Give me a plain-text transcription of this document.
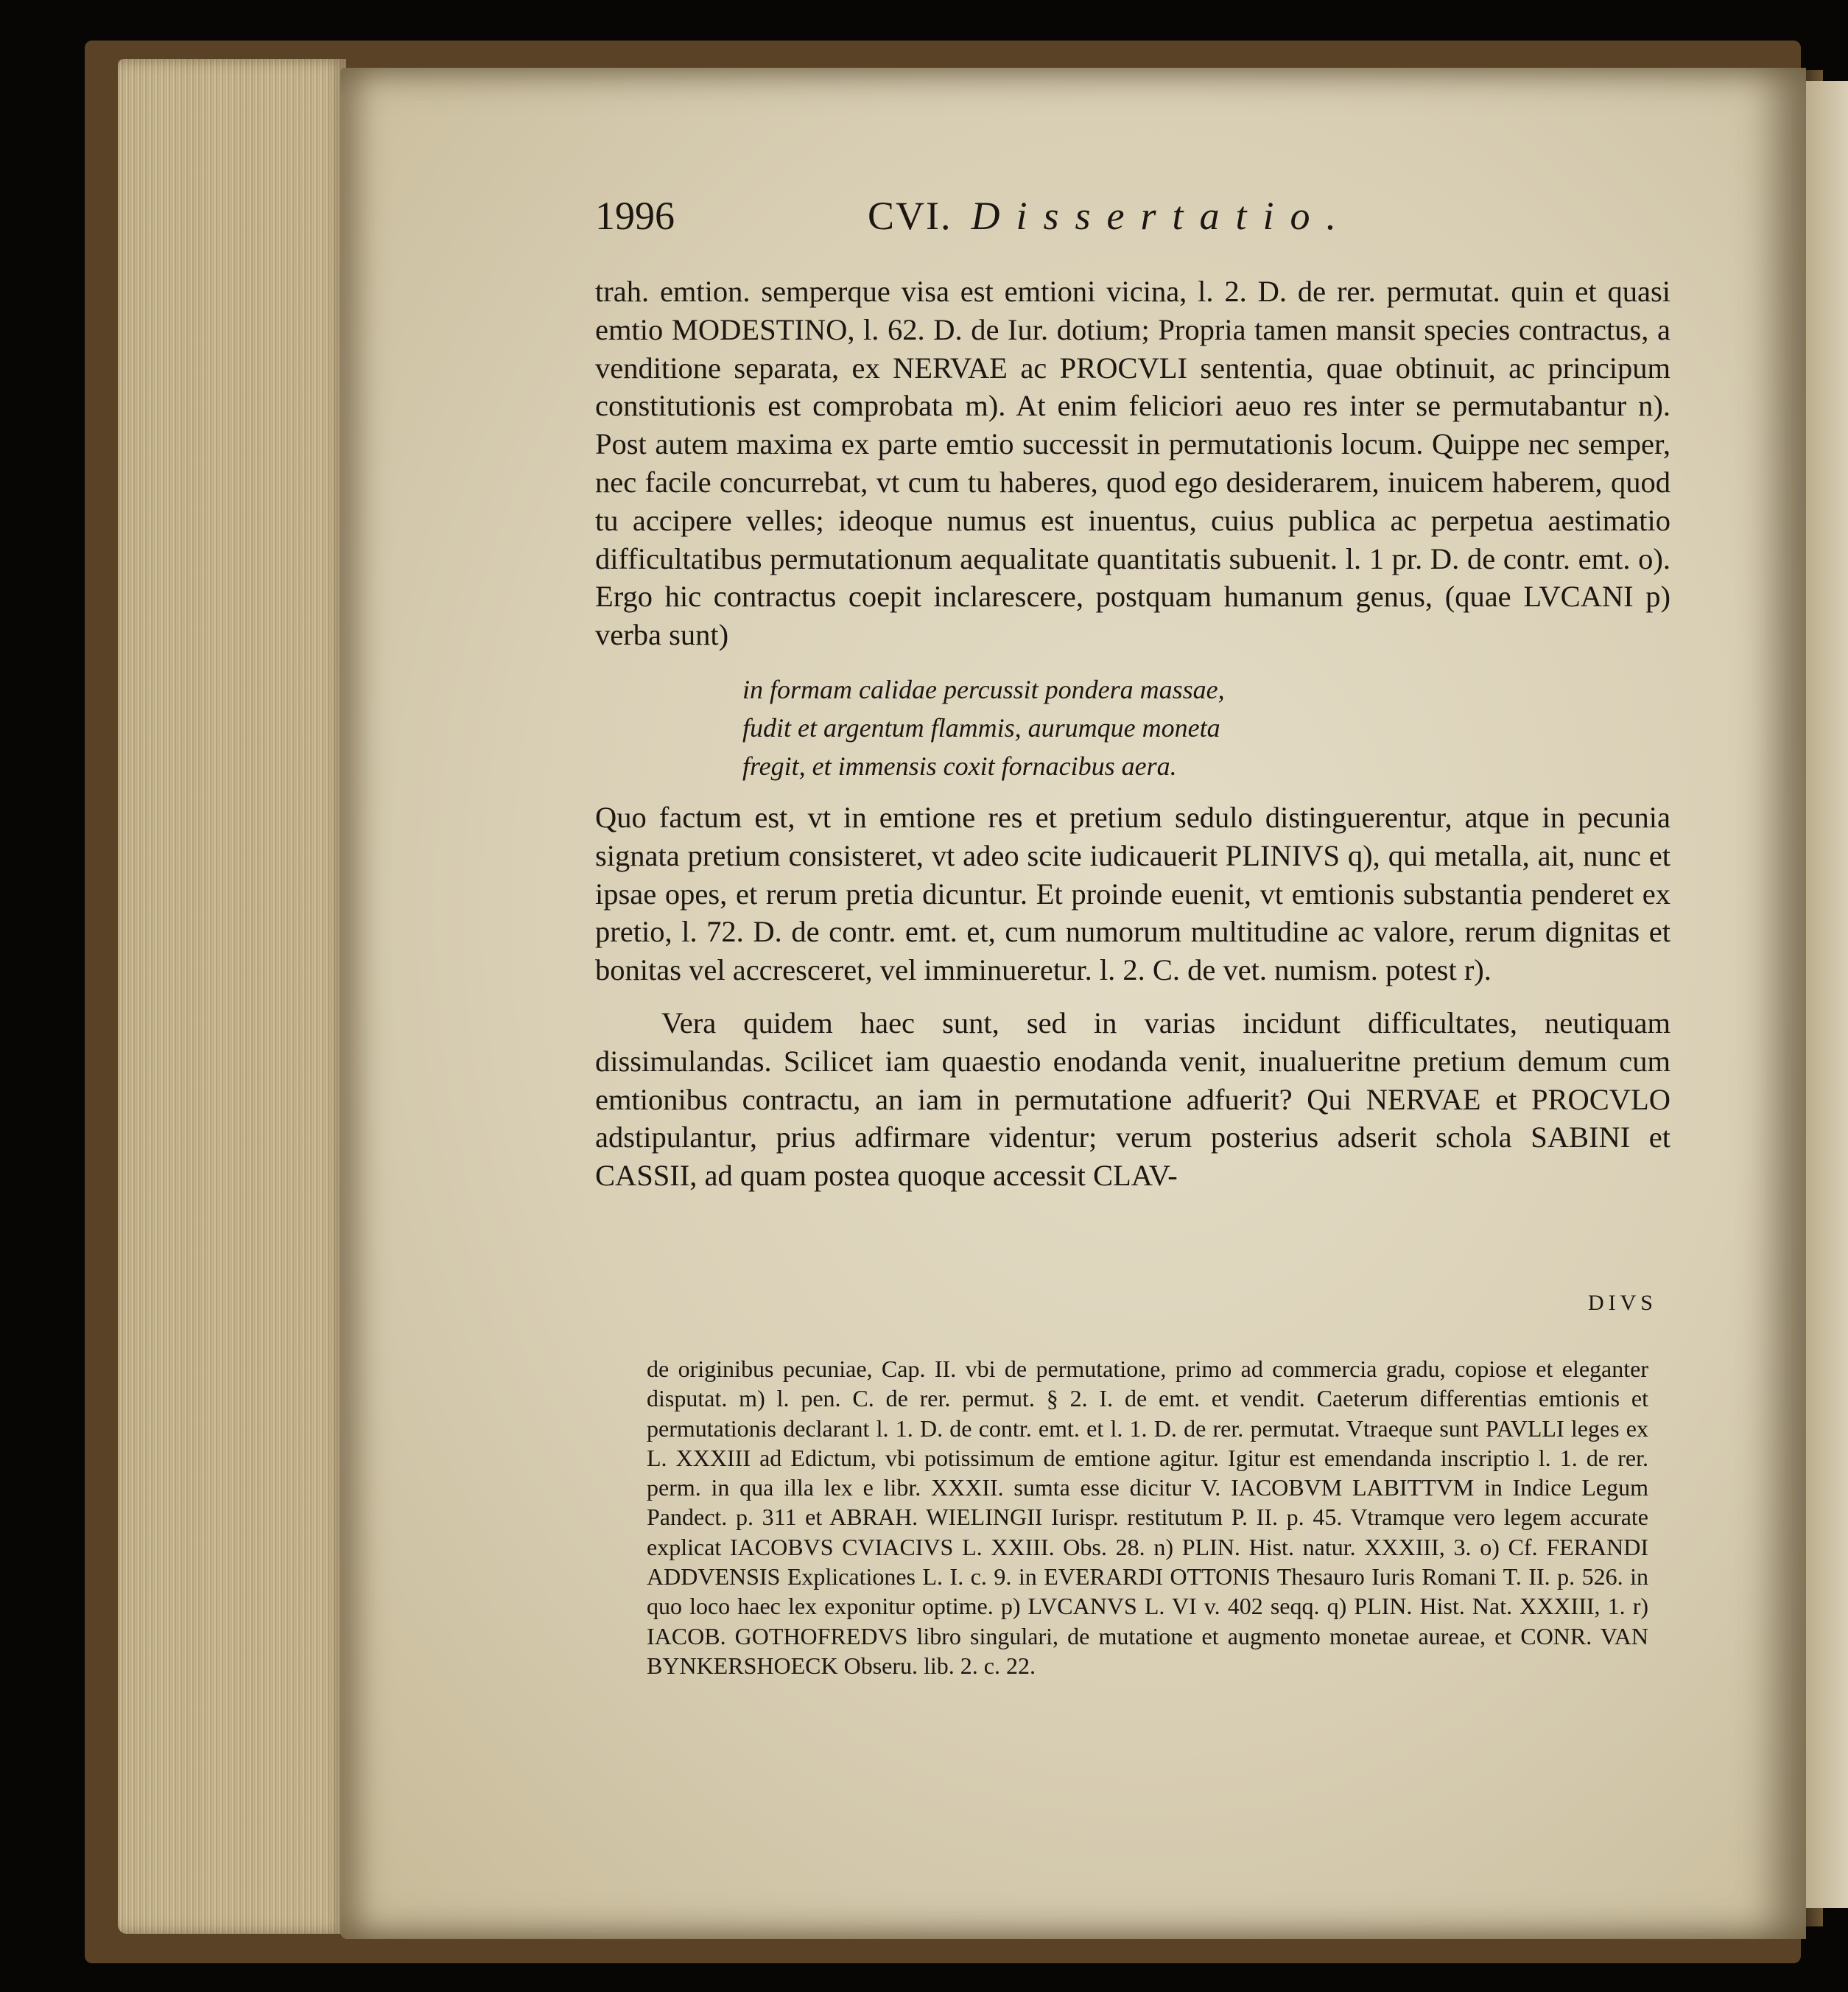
1996	CVI. Dissertatio.

trah. emtion. semperque visa est emtioni vicina, l. 2. D. de rer. permutat. quin et quasi emtio MODESTINO, l. 62. D. de Iur. dotium; Propria tamen mansit species contractus, a venditione separata, ex NERVAE ac PROCVLI sententia, quae obtinuit, ac principum constitutionis est comprobata m). At enim feliciori aeuo res inter se permutabantur n). Post autem maxima ex parte emtio successit in permutationis locum. Quippe nec semper, nec facile concurrebat, vt cum tu haberes, quod ego desiderarem, inuicem haberem, quod tu accipere velles; ideoque numus est inuentus, cuius publica ac perpetua aestimatio difficultatibus permutationum aequalitate quantitatis subuenit. l. 1 pr. D. de contr. emt. o). Ergo hic contractus coepit inclarescere, postquam humanum genus, (quae LVCANI p) verba sunt)

in formam calidae percussit pondera massae,
fudit et argentum flammis, aurumque moneta
fregit, et immensis coxit fornacibus aera.

Quo factum est, vt in emtione res et pretium sedulo distinguerentur, atque in pecunia signata pretium consisteret, vt adeo scite iudicauerit PLINIVS q), qui metalla, ait, nunc et ipsae opes, et rerum pretia dicuntur. Et proinde euenit, vt emtionis substantia penderet ex pretio, l. 72. D. de contr. emt. et, cum numorum multitudine ac valore, rerum dignitas et bonitas vel accresceret, vel imminueretur. l. 2. C. de vet. numism. potest r).

Vera quidem haec sunt, sed in varias incidunt difficultates, neutiquam dissimulandas. Scilicet iam quaestio enodanda venit, inualueritne pretium demum cum emtionibus contractu, an iam in permutatione adfuerit? Qui NERVAE et PROCVLO adstipulantur, prius adfirmare videntur; verum posterius adserit schola SABINI et CASSII, ad quam postea quoque accessit CLAV-

DIVS

de originibus pecuniae, Cap. II. vbi de permutatione, primo ad commercia gradu, copiose et eleganter disputat. m) l. pen. C. de rer. permut. § 2. I. de emt. et vendit. Caeterum differentias emtionis et permutationis declarant l. 1. D. de contr. emt. et l. 1. D. de rer. permutat. Vtraeque sunt PAVLLI leges ex L. XXXIII ad Edictum, vbi potissimum de emtione agitur. Igitur est emendanda inscriptio l. 1. de rer. perm. in qua illa lex e libr. XXXII. sumta esse dicitur V. IACOBVM LABITTVM in Indice Legum Pandect. p. 311 et ABRAH. WIELINGII Iurispr. restitutum P. II. p. 45. Vtramque vero legem accurate explicat IACOBVS CVIACIVS L. XXIII. Obs. 28. n) PLIN. Hist. natur. XXXIII, 3. o) Cf. FERANDI ADDVENSIS Explicationes L. I. c. 9. in EVERARDI OTTONIS Thesauro Iuris Romani T. II. p. 526. in quo loco haec lex exponitur optime. p) LVCANVS L. VI v. 402 seqq. q) PLIN. Hist. Nat. XXXIII, 1. r) IACOB. GOTHOFREDVS libro singulari, de mutatione et augmento monetae aureae, et CONR. VAN BYNKERSHOECK Obseru. lib. 2. c. 22.
